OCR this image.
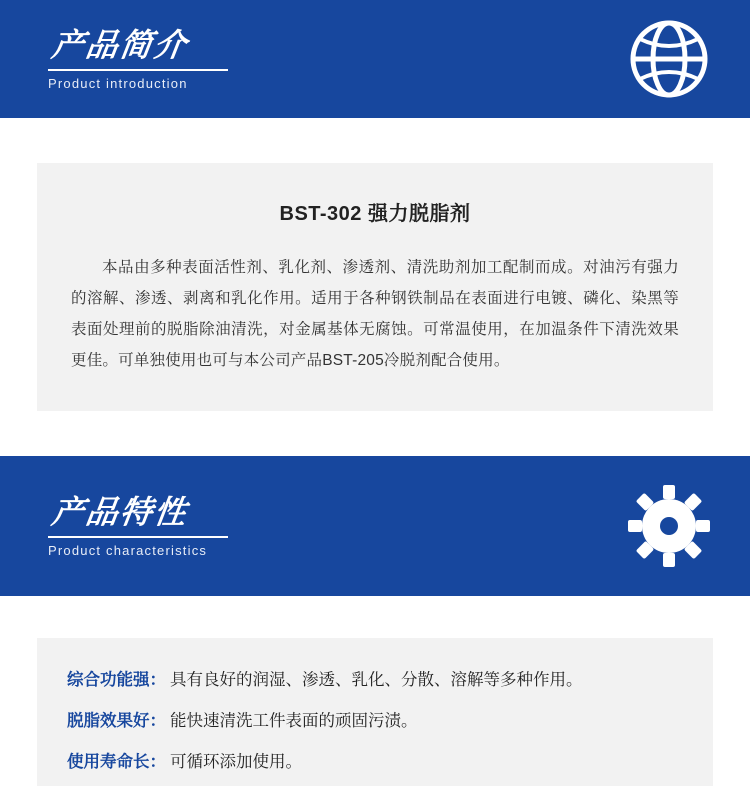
产品简介
Product introduction
BST-302 强力脱脂剂
本品由多种表面活性剂、乳化剂、渗透剂、清洗助剂加工配制而成。对油污有强力的溶解、渗透、剥离和乳化作用。适用于各种钢铁制品在表面进行电镀、磷化、染黑等表面处理前的脱脂除油清洗，对金属基体无腐蚀。可常温使用，在加温条件下清洗效果更佳。可单独使用也可与本公司产品BST-205冷脱剂配合使用。
产品特性
Product characteristics
综合功能强： 具有良好的润湿、渗透、乳化、分散、溶解等多种作用。
脱脂效果好： 能快速清洗工件表面的顽固污渍。
使用寿命长： 可循环添加使用。
